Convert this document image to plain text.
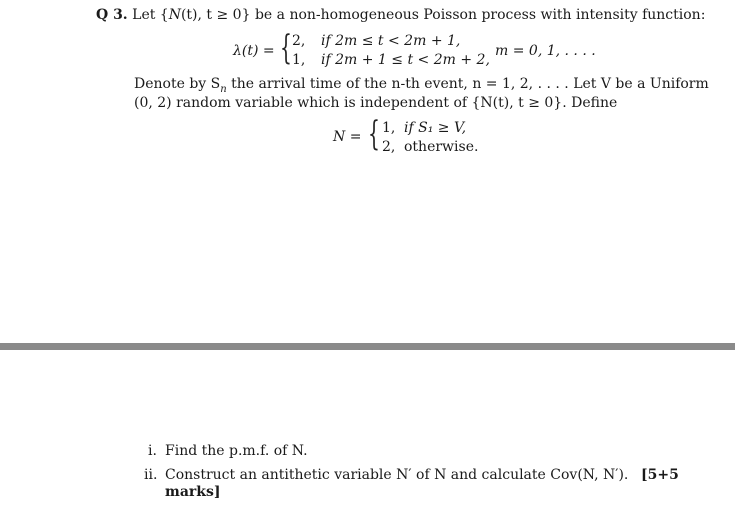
Q 3. Let {N(t), t ≥ 0} be a non-homogeneous Poisson process with intensity function:
λ(t) = { 2, if 2m ≤ t < 2m + 1,
1, if 2m + 1 ≤ t < 2m + 2,
m = 0, 1, . . . .
Denote by $S_n$ the arrival time of the n-th event, n = 1, 2, . . . . Let V be a Uniform
(0, 2) random variable which is independent of {N(t), t ≥ 0}. Define
N = { 1, if S₁ ≥ V,
2, otherwise.
i. Find the p.m.f. of N.
ii. Construct an antithetic variable N′ of N and calculate Cov(N, N′). [5+5
marks]
